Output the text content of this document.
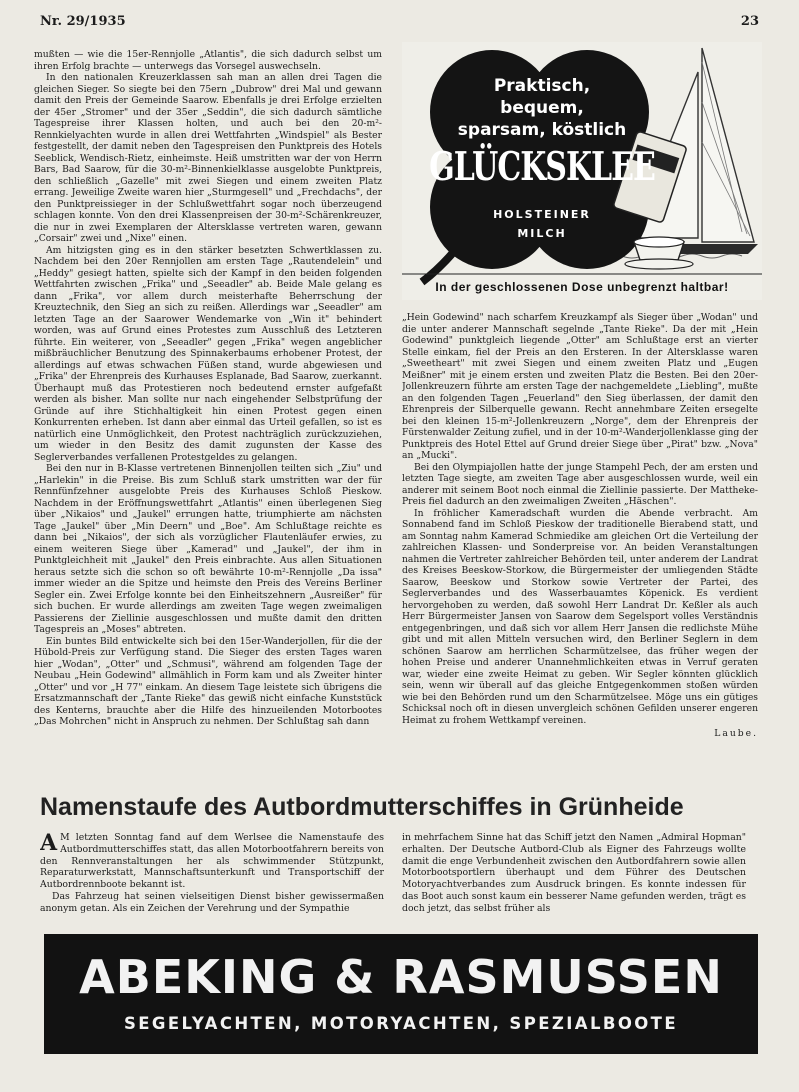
Nr. 29/1935	23

mußten — wie die 15er-Rennjolle „Atlantis", die sich dadurch selbst um ihren Erfolg brachte — unterwegs das Vorsegel auswechseln.

In den nationalen Kreuzerklassen sah man an allen drei Tagen die gleichen Sieger. So siegte bei den 75ern „Dubrow" drei Mal und gewann damit den Preis der Gemeinde Saarow. Ebenfalls je drei Erfolge erzielten der 45er „Stromer" und der 35er „Seddin", die sich dadurch sämtliche Tagespreise ihrer Klassen holten, und auch bei den 20-m²-Rennkielyachten wurde in allen drei Wettfahrten „Windspiel" als Bester festgestellt, der damit neben den Tagespreisen den Punktpreis des Hotels Seeblick, Wendisch-Rietz, einheimste. Heiß umstritten war der von Herrn Bars, Bad Saarow, für die 30-m²-Binnenkielklasse ausgelobte Punktpreis, den schließlich „Gazelle" mit zwei Siegen und einem zweiten Platz errang. Jeweilige Zweite waren hier „Sturmgesell" und „Frechdachs", der den Punktpreissieger in der Schlußwettfahrt sogar noch überzeugend schlagen konnte. Von den drei Klassenpreisen der 30-m²-Schärenkreuzer, die nur in zwei Exemplaren der Altersklasse vertreten waren, gewann „Corsair" zwei und „Nixe" einen.

Am hitzigsten ging es in den stärker besetzten Schwertklassen zu. Nachdem bei den 20er Rennjollen am ersten Tage „Rautendelein" und „Heddy" gesiegt hatten, spielte sich der Kampf in den beiden folgenden Wettfahrten zwischen „Frika" und „Seeadler" ab. Beide Male gelang es dann „Frika", vor allem durch meisterhafte Beherrschung der Kreuztechnik, den Sieg an sich zu reißen. Allerdings war „Seeadler" am letzten Tage an der Saarower Wendemarke von „Win it" behindert worden, was auf Grund eines Protestes zum Ausschluß des Letzteren führte. Ein weiterer, von „Seeadler" gegen „Frika" wegen angeblicher mißbräuchlicher Benutzung des Spinnakerbaums erhobener Protest, der allerdings auf etwas schwachen Füßen stand, wurde abgewiesen und „Frika" der Ehrenpreis des Kurhauses Esplanade, Bad Saarow, zuerkannt. Überhaupt muß das Protestieren noch bedeutend ernster aufgefaßt werden als bisher. Man sollte nur nach eingehender Selbstprüfung der Gründe auf ihre Stichhaltigkeit hin einen Protest gegen einen Konkurrenten erheben. Ist dann aber einmal das Urteil gefallen, so ist es natürlich eine Unmöglichkeit, den Protest nachträglich zurückzuziehen, um wieder in den Besitz des damit zugunsten der Kasse des Seglerverbandes verfallenen Protestgeldes zu gelangen.

Bei den nur in B-Klasse vertretenen Binnenjollen teilten sich „Ziu" und „Harlekin" in die Preise. Bis zum Schluß stark umstritten war der für Rennfünfzehner ausgelobte Preis des Kurhauses Schloß Pieskow. Nachdem in der Eröffnungswettfahrt „Atlantis" einen überlegenen Sieg über „Nikaios" und „Jaukel" errungen hatte, triumphierte am nächsten Tage „Jaukel" über „Min Deern" und „Boe". Am Schlußtage reichte es dann bei „Nikaios", der sich als vorzüglicher Flautenläufer erwies, zu einem weiteren Siege über „Kamerad" und „Jaukel", der ihm in Punktgleichheit mit „Jaukel" den Preis einbrachte. Aus allen Situationen heraus setzte sich die schon so oft bewährte 10-m²-Rennjolle „Da issa" immer wieder an die Spitze und heimste den Preis des Vereins Berliner Segler ein. Zwei Erfolge konnte bei den Einheitszehnern „Ausreißer" für sich buchen. Er wurde allerdings am zweiten Tage wegen zweimaligen Passierens der Ziellinie ausgeschlossen und mußte damit den dritten Tagespreis an „Moses" abtreten.

Ein buntes Bild entwickelte sich bei den 15er-Wanderjollen, für die der Hübold-Preis zur Verfügung stand. Die Sieger des ersten Tages waren hier „Wodan", „Otter" und „Schmusi", während am folgenden Tage der Neubau „Hein Godewind" allmählich in Form kam und als Zweiter hinter „Otter" und vor „H 77" einkam. An diesem Tage leistete sich übrigens die Ersatzmannschaft der „Tante Rieke" das gewiß nicht einfache Kunststück des Kenterns, brauchte aber die Hilfe des hinzueilenden Motorbootes „Das Mohrchen" nicht in Anspruch zu nehmen. Der Schlußtag sah dann

Praktisch,
bequem,
sparsam, köstlich
GLÜCKSKLEE
HOLSTEINER
MILCH
In der geschlossenen Dose unbegrenzt haltbar!

„Hein Godewind" nach scharfem Kreuzkampf als Sieger über „Wodan" und die unter anderer Mannschaft segelnde „Tante Rieke". Da der mit „Hein Godewind" punktgleich liegende „Otter" am Schlußtage erst an vierter Stelle einkam, fiel der Preis an den Ersteren. In der Altersklasse waren „Sweetheart" mit zwei Siegen und einem zweiten Platz und „Eugen Meißner" mit je einem ersten und zweiten Platz die Besten. Bei den 20er-Jollenkreuzern führte am ersten Tage der nachgemeldete „Liebling", mußte an den folgenden Tagen „Feuerland" den Sieg überlassen, der damit den Ehrenpreis der Silberquelle gewann. Recht annehmbare Zeiten ersegelte bei den kleinen 15-m²-Jollenkreuzern „Norge", dem der Ehrenpreis der Fürstenwalder Zeitung zufiel, und in der 10-m²-Wanderjollenklasse ging der Punktpreis des Hotel Ettel auf Grund dreier Siege über „Pirat" bzw. „Nova" an „Mucki".

Bei den Olympiajollen hatte der junge Stampehl Pech, der am ersten und letzten Tage siegte, am zweiten Tage aber ausgeschlossen wurde, weil ein anderer mit seinem Boot noch einmal die Ziellinie passierte. Der Mattheke-Preis fiel dadurch an den zweimaligen Zweiten „Häschen".

In fröhlicher Kameradschaft wurden die Abende verbracht. Am Sonnabend fand im Schloß Pieskow der traditionelle Bierabend statt, und am Sonntag nahm Kamerad Schmiedike am gleichen Ort die Verteilung der zahlreichen Klassen- und Sonderpreise vor. An beiden Veranstaltungen nahmen die Vertreter zahlreicher Behörden teil, unter anderem der Landrat des Kreises Beeskow-Storkow, die Bürgermeister der umliegenden Städte Saarow, Beeskow und Storkow sowie Vertreter der Partei, des Seglerverbandes und des Wasserbauamtes Köpenick. Es verdient hervorgehoben zu werden, daß sowohl Herr Landrat Dr. Keßler als auch Herr Bürgermeister Jansen von Saarow dem Segelsport volles Verständnis entgegenbringen, und daß sich vor allem Herr Jansen die redlichste Mühe gibt und mit allen Mitteln versuchen wird, den Berliner Seglern in dem schönen Saarow am herrlichen Scharmützelsee, das früher wegen der hohen Preise und anderer Unannehmlichkeiten etwas in Verruf geraten war, wieder eine zweite Heimat zu geben. Wir Segler könnten glücklich sein, wenn wir überall auf das gleiche Entgegenkommen stoßen würden wie bei den Behörden rund um den Scharmützelsee. Möge uns ein gütiges Schicksal noch oft in diesen unvergleich schönen Gefilden unserer engeren Heimat zu frohem Wettkampf vereinen.

Laube.
Namenstaufe des Autbordmutterschiffes in Grünheide
A M letzten Sonntag fand auf dem Werlsee die Namenstaufe des Autbordmutterschiffes statt, das allen Motorbootfahrern bereits von den Rennveranstaltungen her als schwimmender Stützpunkt, Reparaturwerkstatt, Mannschaftsunterkunft und Transportschiff der Autbordrennboote bekannt ist.
Das Fahrzeug hat seinen vielseitigen Dienst bisher gewissermaßen anonym getan. Als ein Zeichen der Verehrung und der Sympathie
in mehrfachem Sinne hat das Schiff jetzt den Namen „Admiral Hopman" erhalten. Der Deutsche Autbord-Club als Eigner des Fahrzeugs wollte damit die enge Verbundenheit zwischen den Autbordfahrern sowie allen Motorbootsportlern überhaupt und dem Führer des Deutschen Motoryachtverbandes zum Ausdruck bringen. Es konnte indessen für das Boot auch sonst kaum ein besserer Name gefunden werden, trägt es doch jetzt, das selbst früher als
ABEKING & RASMUSSEN
SEGELYACHTEN, MOTORYACHTEN, SPEZIALBOOTE
